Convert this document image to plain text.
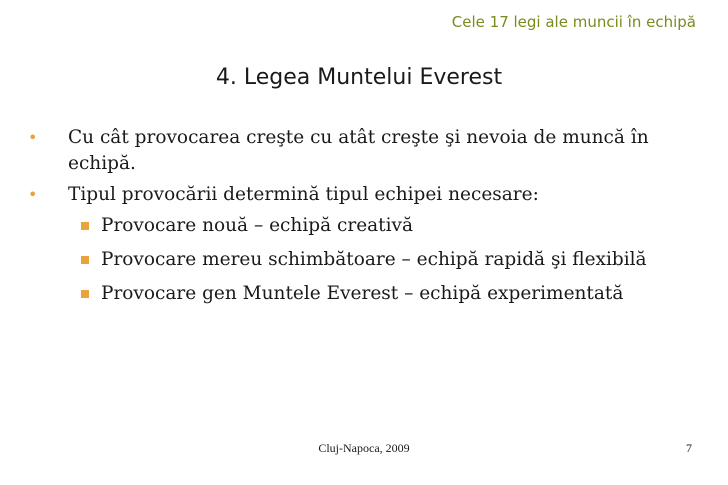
Cele 17 legi ale muncii în echipă
4. Legea Muntelui Everest
• Cu cât provocarea creşte cu atât creşte şi nevoia de muncă în echipă.
• Tipul provocării determină tipul echipei necesare:
Provocare nouă – echipă creativă
Provocare mereu schimbătoare – echipă rapidă şi flexibilă
Provocare gen Muntele Everest – echipă experimentată
Cluj-Napoca, 2009	7
